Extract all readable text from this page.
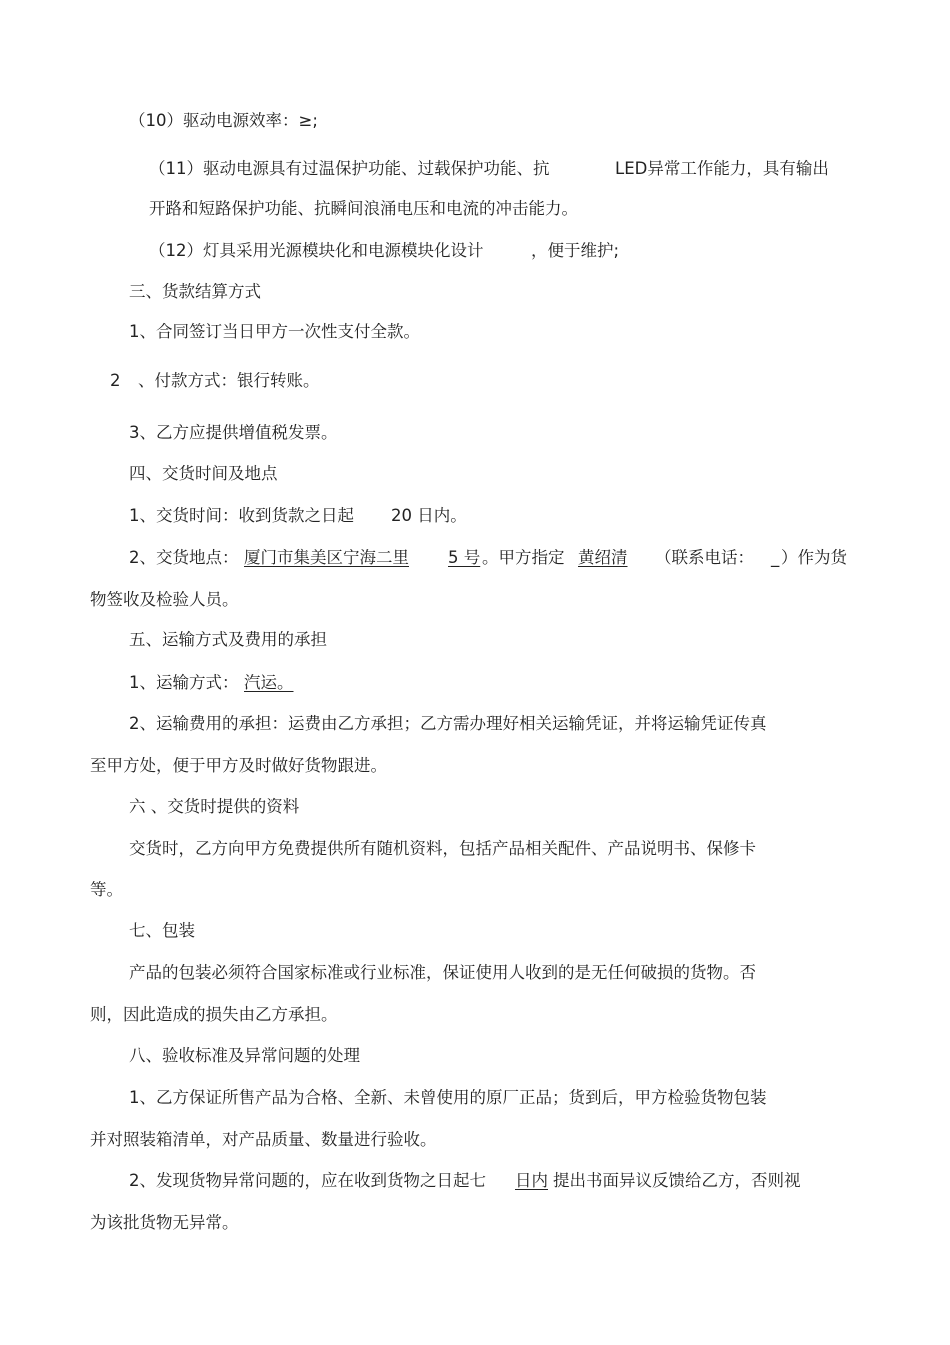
（10）驱动电源效率：≥;
（11）驱动电源具有过温保护功能、过载保护功能、抗	LED异常工作能力，具有输出
开路和短路保护功能、抗瞬间浪涌电压和电流的冲击能力。
（12）灯具采用光源模块化和电源模块化设计	，便于维护;
三、货款结算方式
1、合同签订当日甲方一次性支付全款。
2 、付款方式：银行转账。
3、乙方应提供增值税发票。
四、交货时间及地点
1、交货时间：收到货款之日起 20 日内。
2、交货地点： 厦门市集美区宁海二里 5 号 。甲方指定 黄绍清 （联系电话： _ ）作为货
物签收及检验人员。
五、运输方式及费用的承担
1、运输方式： 汽运。
2、运输费用的承担：运费由乙方承担；乙方需办理好相关运输凭证，并将运输凭证传真
至甲方处，便于甲方及时做好货物跟进。
六 、交货时提供的资料
交货时，乙方向甲方免费提供所有随机资料，包括产品相关配件、产品说明书、保修卡
等。
七、包装
产品的包装必须符合国家标准或行业标准，保证使用人收到的是无任何破损的货物。否
则，因此造成的损失由乙方承担。
八、验收标准及异常问题的处理
1、乙方保证所售产品为合格、全新、未曾使用的原厂正品；货到后，甲方检验货物包装
并对照装箱清单，对产品质量、数量进行验收。
2、发现货物异常问题的，应在收到货物之日起七 日内 提出书面异议反馈给乙方，否则视
为该批货物无异常。
